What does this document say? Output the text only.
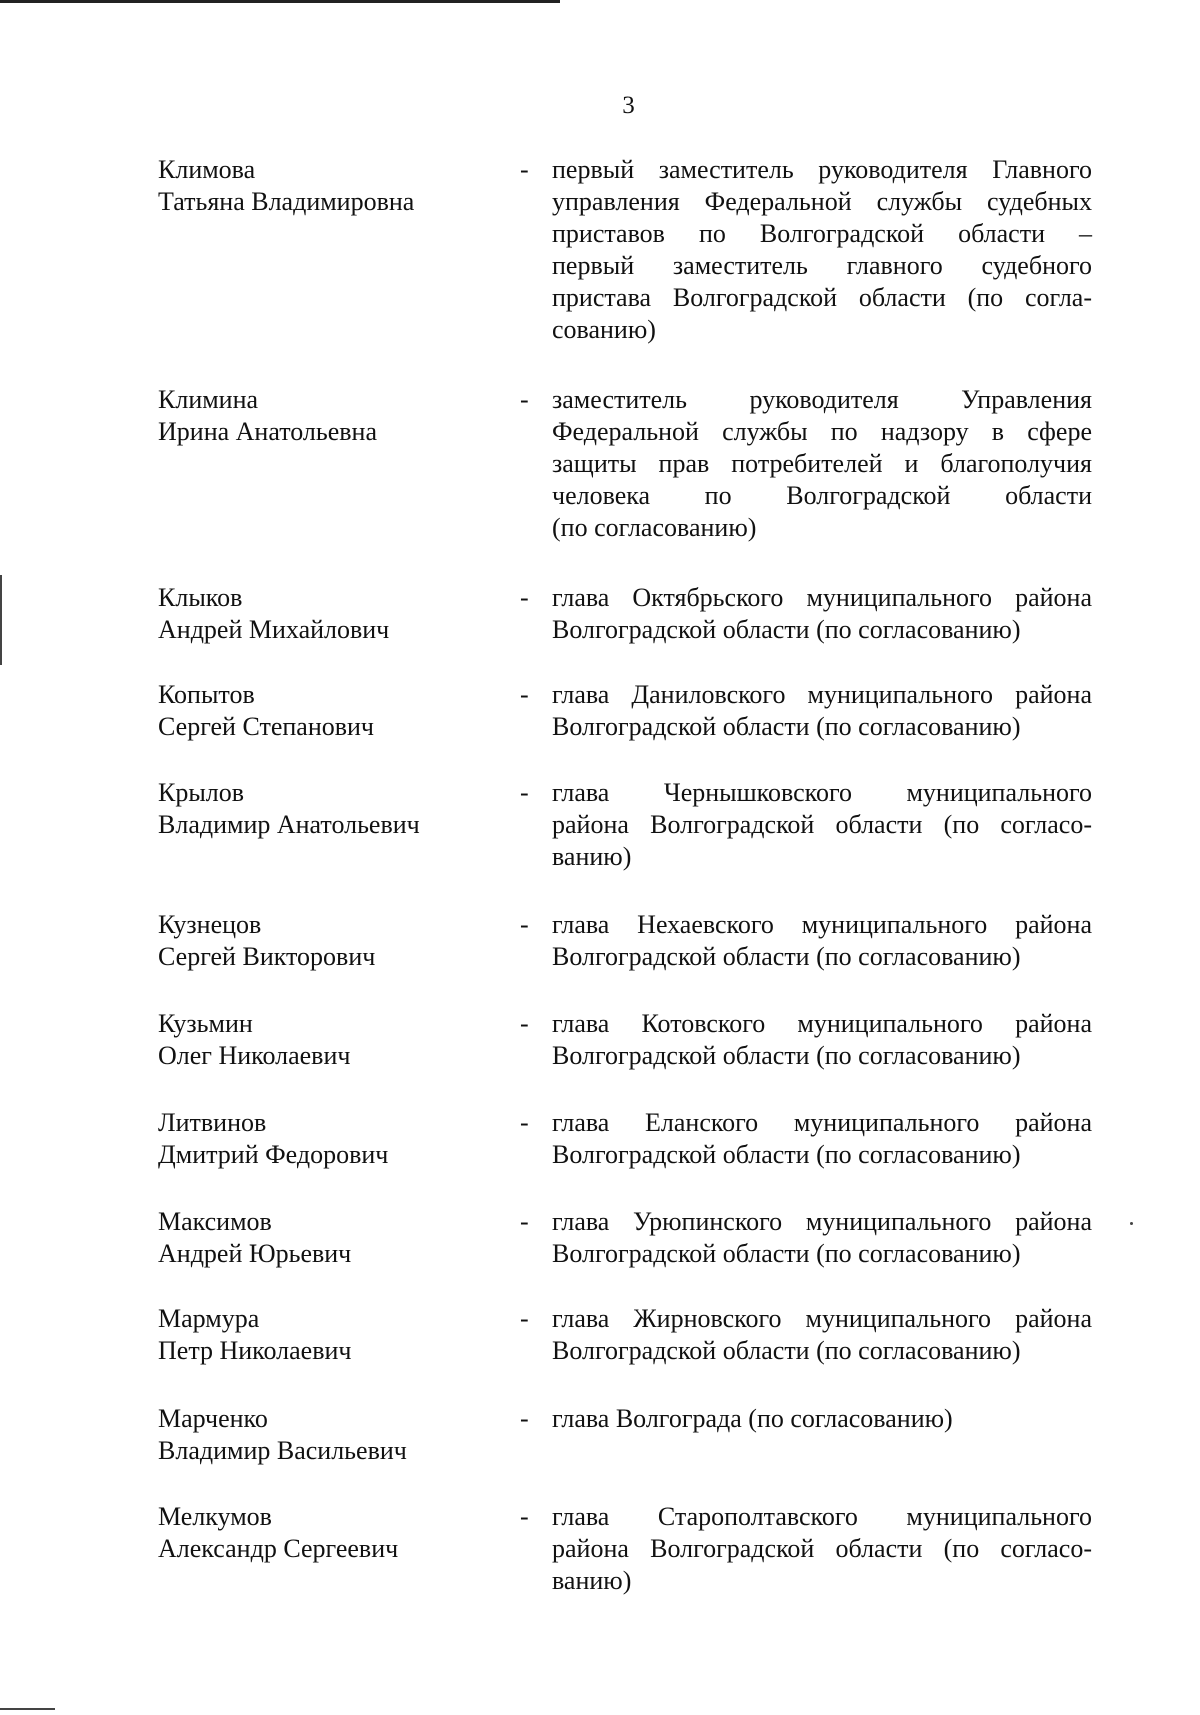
3
Климова
Татьяна Владимировна
- первый заместитель руководителя Главного
управления Федеральной службы судебных
приставов по Волгоградской области –
первый заместитель главного судебного
пристава Волгоградской области (по согла-
сованию)
Климина
Ирина Анатольевна
- заместитель руководителя Управления
Федеральной службы по надзору в сфере
защиты прав потребителей и благополучия
человека по Волгоградской области
(по согласованию)
Клыков
Андрей Михайлович
- глава Октябрьского муниципального района
Волгоградской области (по согласованию)
Копытов
Сергей Степанович
- глава Даниловского муниципального района
Волгоградской области (по согласованию)
Крылов
Владимир Анатольевич
- глава Чернышковского муниципального
района Волгоградской области (по согласо-
ванию)
Кузнецов
Сергей Викторович
- глава Нехаевского муниципального района
Волгоградской области (по согласованию)
Кузьмин
Олег Николаевич
- глава Котовского муниципального района
Волгоградской области (по согласованию)
Литвинов
Дмитрий Федорович
- глава Еланского муниципального района
Волгоградской области (по согласованию)
Максимов
Андрей Юрьевич
- глава Урюпинского муниципального района
Волгоградской области (по согласованию)
Мармура
Петр Николаевич
- глава Жирновского муниципального района
Волгоградской области (по согласованию)
Марченко
Владимир Васильевич
- глава Волгограда (по согласованию)
Мелкумов
Александр Сергеевич
- глава Старополтавского муниципального
района Волгоградской области (по согласо-
ванию)
